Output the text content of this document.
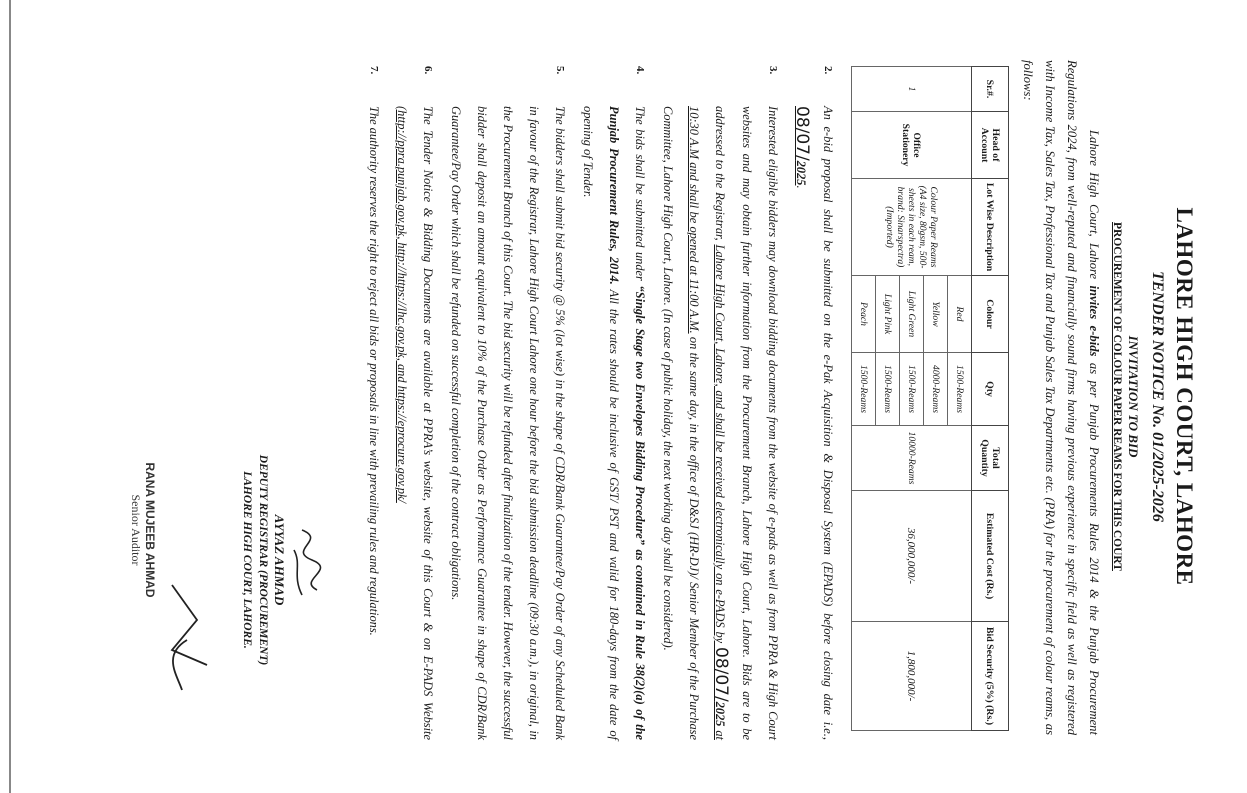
LAHORE HIGH COURT, LAHORE
TENDER NOTICE No. 01/2025-2026
INVITATION TO BID
PROCUREMENT OF COLOUR PAPER REAMS FOR THIS COURT
Lahore High Court, Lahore invites e-bids as per Punjab Procurements Rules 2014 & the Punjab Procurement Regulations 2024, from well-reputed and financially sound firms having previous experience in specific field as well as registered with Income Tax, Sales Tax, Professional Tax and Punjab Sales Tax Departments etc. (PRA) for the procurement of colour reams, as follows:
Sr.#.	Head of Account	Lot Wise Description	Colour	Qty	Total Quantity	Estimated Cost (Rs.)	Bid Security (5%) (Rs.)
1	Office Stationery	Colour Paper Reams (A4 size, 80gsm, 500-sheets in each ream, brand: Sinarspectra) (Imported)	Red	1500-Reams	10000-Reams	36,000,000/-	1,800,000/-
			Yellow	4000-Reams			
			Light Green	1500-Reams			
			Light Pink	1500-Reams			
			Peach	1500-Reams			
2.
An e-bid proposal shall be submitted on the e-Pak Acquisition & Disposal System (EPADS) before closing date i.e., 08/07/2025.
3.
Interested eligible bidders may download bidding documents from the website of e-pads as well as from PPRA & High Court websites and may obtain further information from the Procurement Branch, Lahore High Court, Lahore. Bids are to be addressed to the Registrar, Lahore High Court, Lahore, and shall be received electronically on e-PADS by 08/07/2025 at 10:30 A.M and shall be opened at 11:00 A.M. on the same day, in the office of D&SJ (HR-DJ)/ Senior Member of the Purchase Committee, Lahore High Court, Lahore. (In case of public holiday, the next working day shall be considered).
4.
The bids shall be submitted under “Single Stage two Envelopes Bidding Procedure” as contained in Rule 38(2)(a) of the Punjab Procurement Rules, 2014. All the rates should be inclusive of GST/ PST and valid for 180-days from the date of opening of Tender.
5.
The bidders shall submit bid security @ 5% (lot wise) in the shape of CDR/Bank Guarantee/Pay Order of any Scheduled Bank in favour of the Registrar, Lahore High Court Lahore one hour before the bid submission deadline (09:30 a.m.), in original, in the Procurement Branch of this Court. The bid security will be refunded after finalization of the tender. However, the successful bidder shall deposit an amount equivalent to 10% of the Purchase Order as Performance Guarantee in shape of CDR/Bank Guarantee/Pay Order which shall be refunded on successful completion of the contract obligations.
6.
The Tender Notice & Bidding Documents are available at PPRA’s website, website of this Court & on E-PADS Website (http://ppra.punjab.gov.pk, http://https://lhc.gov.pk, and https://eprocure.gov.pk/
7.
The authority reserves the right to reject all bids or proposals in line with prevailing rules and regulations.
AYYAZ AHMAD
DEPUTY REGISTRAR (PROCUREMENT)
LAHORE HIGH COURT, LAHORE.
RANA MUJEEB AHMAD
Senior Auditor
